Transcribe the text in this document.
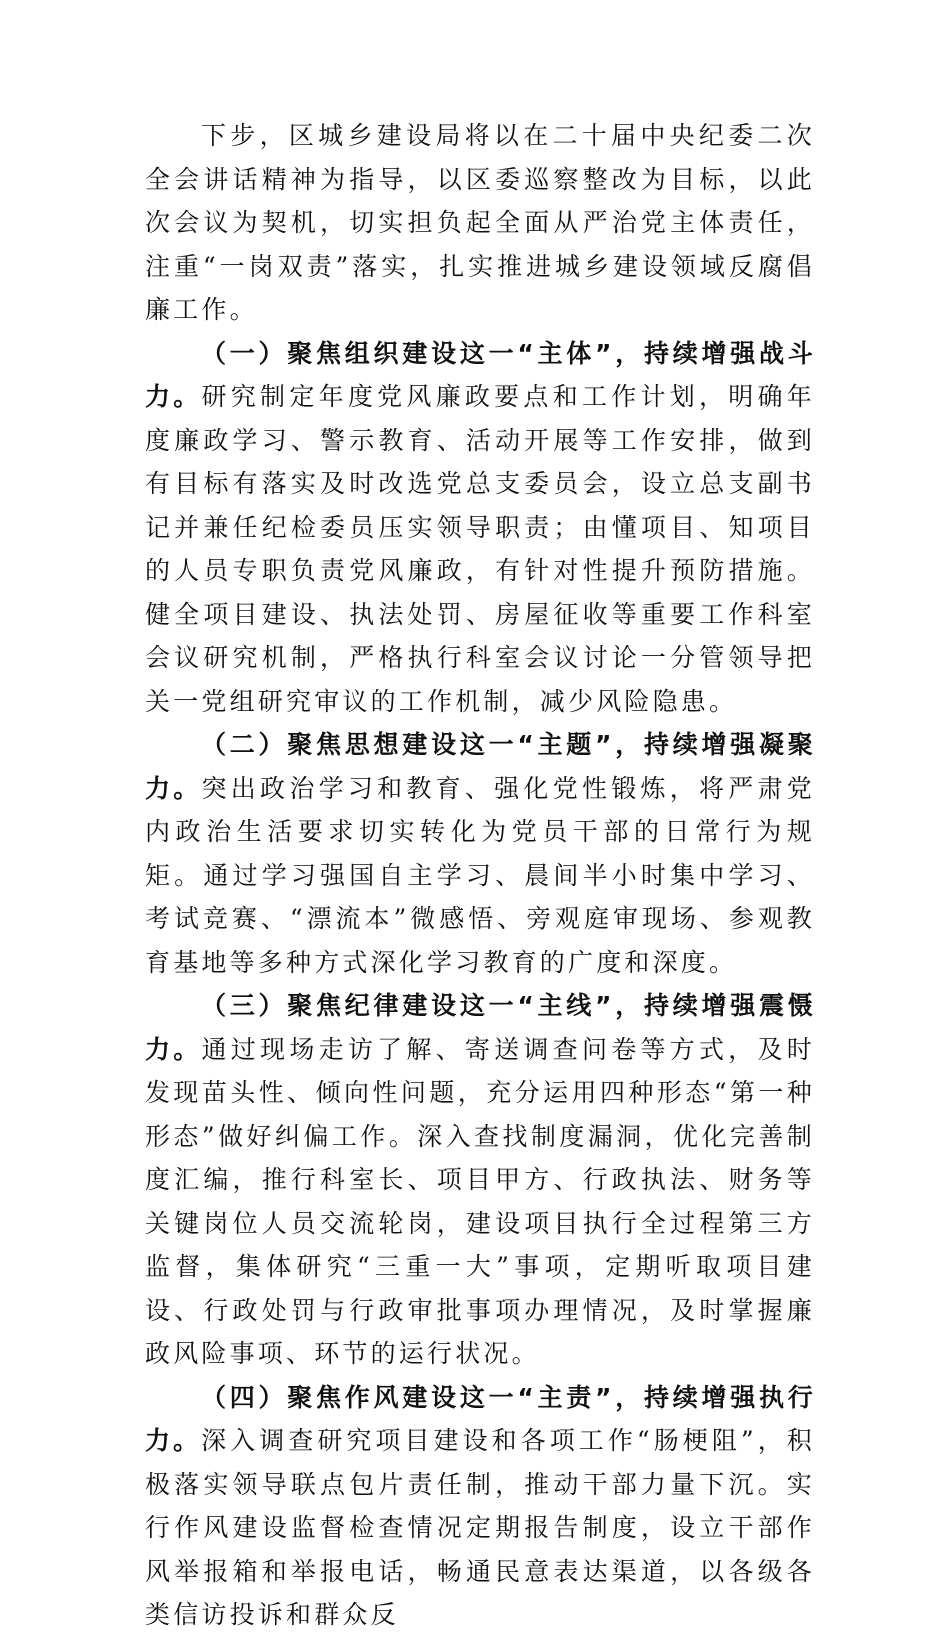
下步，区城乡建设局将以在二十届中央纪委二次全会讲话精神为指导，以区委巡察整改为目标，以此次会议为契机，切实担负起全面从严治党主体责任，注重“一岗双责”落实，扎实推进城乡建设领域反腐倡廉工作。

（一）聚焦组织建设这一“主体”，持续增强战斗力。研究制定年度党风廉政要点和工作计划，明确年度廉政学习、警示教育、活动开展等工作安排，做到有目标有落实及时改选党总支委员会，设立总支副书记并兼任纪检委员压实领导职责；由懂项目、知项目的人员专职负责党风廉政，有针对性提升预防措施。健全项目建设、执法处罚、房屋征收等重要工作科室会议研究机制，严格执行科室会议讨论一分管领导把关一党组研究审议的工作机制，减少风险隐患。

（二）聚焦思想建设这一“主题”，持续增强凝聚力。突出政治学习和教育、强化党性锻炼，将严肃党内政治生活要求切实转化为党员干部的日常行为规矩。通过学习强国自主学习、晨间半小时集中学习、考试竞赛、“漂流本”微感悟、旁观庭审现场、参观教育基地等多种方式深化学习教育的广度和深度。

（三）聚焦纪律建设这一“主线”，持续增强震慑力。通过现场走访了解、寄送调查问卷等方式，及时发现苗头性、倾向性问题，充分运用四种形态“第一种形态”做好纠偏工作。深入查找制度漏洞，优化完善制度汇编，推行科室长、项目甲方、行政执法、财务等关键岗位人员交流轮岗，建设项目执行全过程第三方监督，集体研究“三重一大”事项，定期听取项目建设、行政处罚与行政审批事项办理情况，及时掌握廉政风险事项、环节的运行状况。

（四）聚焦作风建设这一“主责”，持续增强执行力。深入调查研究项目建设和各项工作“肠梗阻”，积极落实领导联点包片责任制，推动干部力量下沉。实行作风建设监督检查情况定期报告制度，设立干部作风举报箱和举报电话，畅通民意表达渠道，以各级各类信访投诉和群众反
